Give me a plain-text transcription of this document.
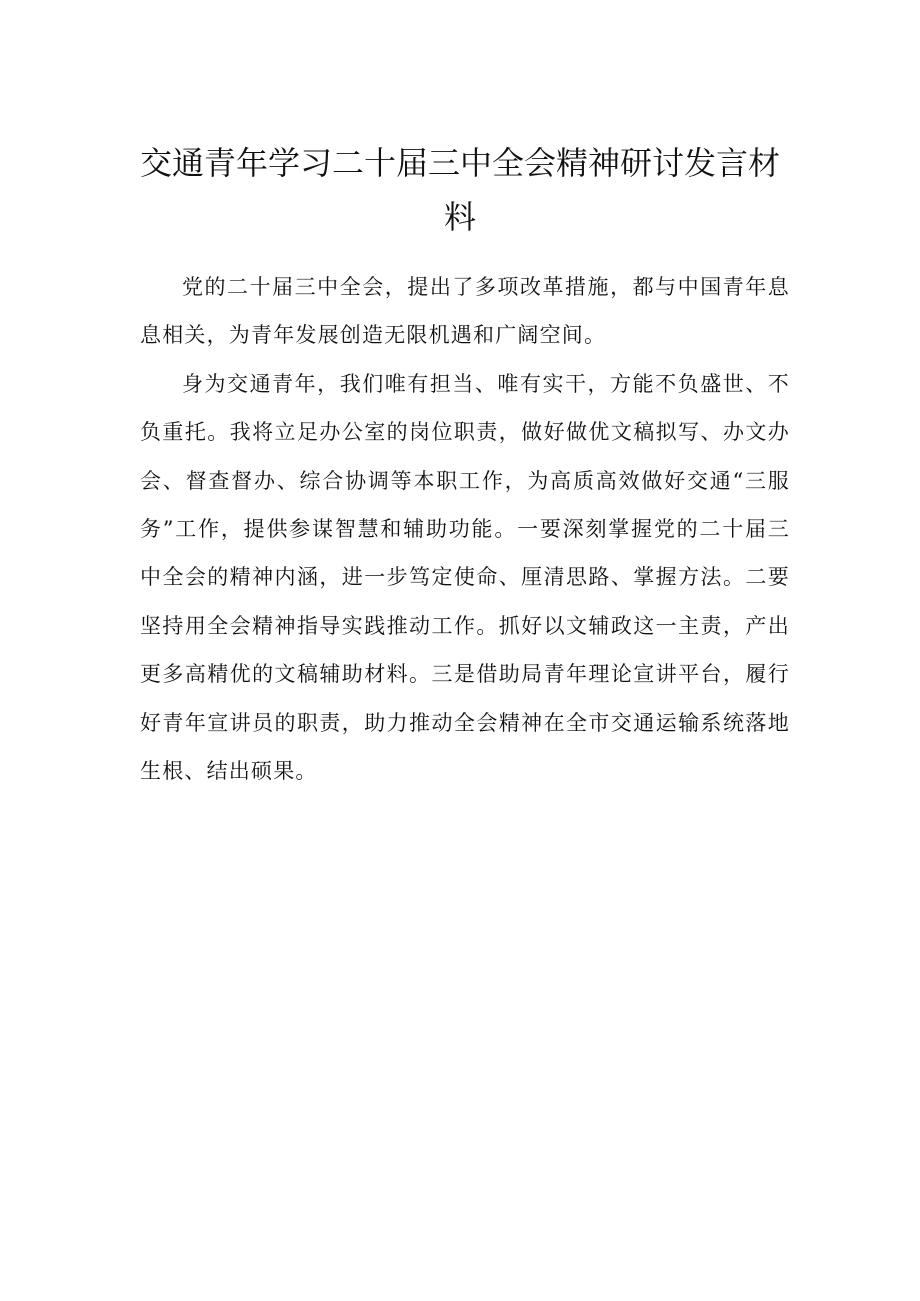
交通青年学习二十届三中全会精神研讨发言材料

党的二十届三中全会，提出了多项改革措施，都与中国青年息息相关，为青年发展创造无限机遇和广阔空间。

身为交通青年，我们唯有担当、唯有实干，方能不负盛世、不负重托。我将立足办公室的岗位职责，做好做优文稿拟写、办文办会、督查督办、综合协调等本职工作，为高质高效做好交通“三服务”工作，提供参谋智慧和辅助功能。一要深刻掌握党的二十届三中全会的精神内涵，进一步笃定使命、厘清思路、掌握方法。二要坚持用全会精神指导实践推动工作。抓好以文辅政这一主责，产出更多高精优的文稿辅助材料。三是借助局青年理论宣讲平台，履行好青年宣讲员的职责，助力推动全会精神在全市交通运输系统落地生根、结出硕果。
